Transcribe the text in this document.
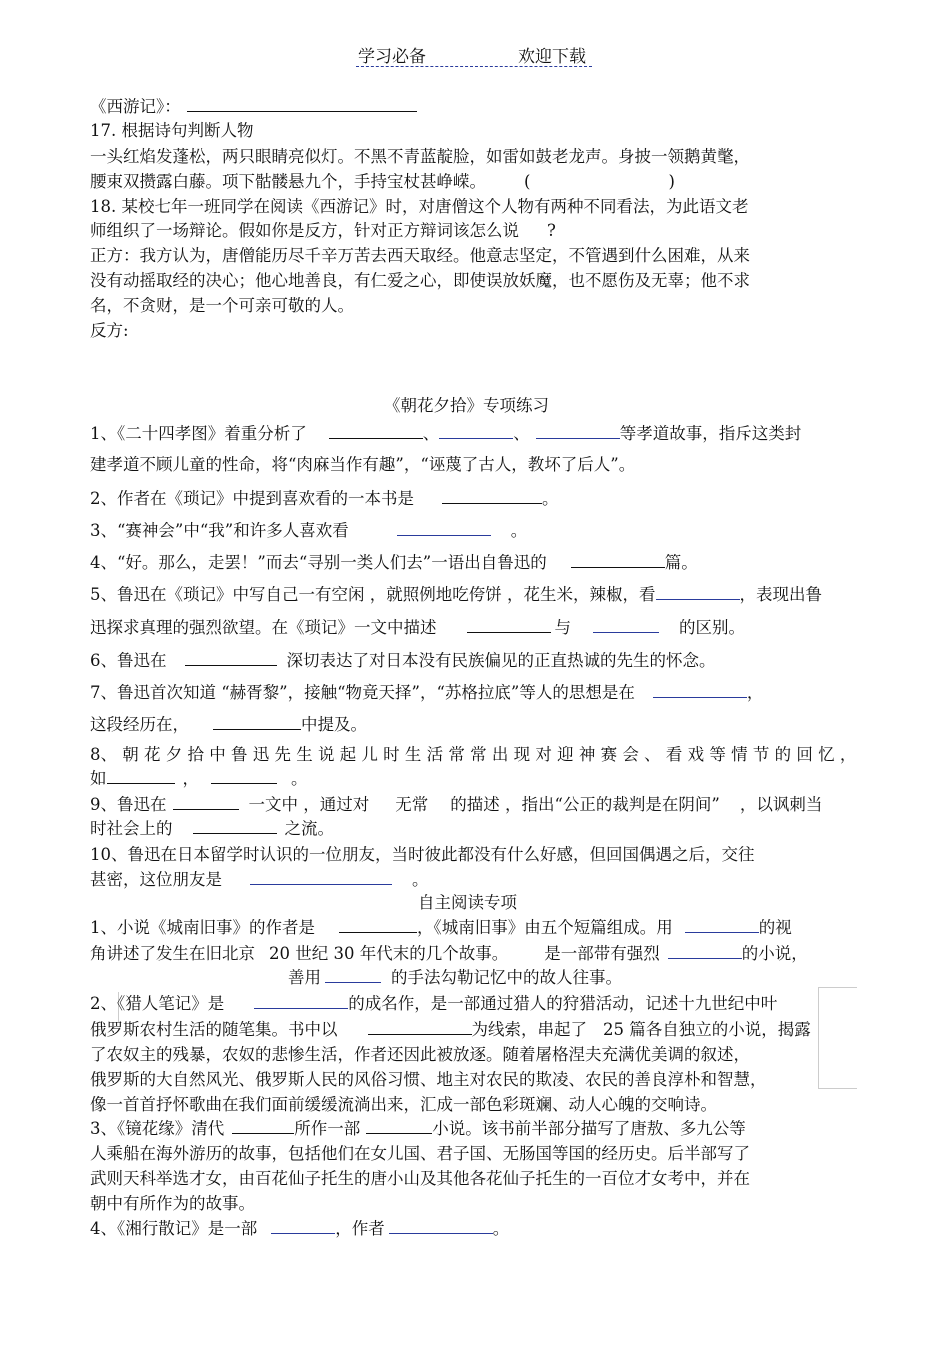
学习必备	欢迎下载
《西游记》：
17. 根据诗句判断人物
一头红焰发蓬松，两只眼睛亮似灯。不黑不青蓝靛脸，如雷如鼓老龙声。身披一领鹅黄氅，
腰束双攒露白藤。项下骷髅悬九个，手持宝杖甚峥嵘。 (	)
18. 某校七年一班同学在阅读《西游记》时，对唐僧这个人物有两种不同看法，为此语文老
师组织了一场辩论。假如你是反方，针对正方辩词该怎么说 ?
正方：我方认为，唐僧能历尽千辛万苦去西天取经。他意志坚定，不管遇到什么困难，从来
没有动摇取经的决心；他心地善良，有仁爱之心，即使误放妖魔，也不愿伤及无辜；他不求
名，不贪财，是一个可亲可敬的人。
反方:
《朝花夕拾》专项练习
1、《二十四孝图》着重分析了	、	、	等孝道故事，指斥这类封
建孝道不顾儿童的性命，将“肉麻当作有趣”，“诬蔑了古人，教坏了后人”。
2、作者在《琐记》中提到喜欢看的一本书是	。
3、“赛神会”中“我”和许多人喜欢看	。
4、“好。那么，走罢！”而去“寻别一类人们去”一语出自鲁迅的	篇。
5、鲁迅在《琐记》中写自己一有空闲 ，就照例地吃侉饼 ，花生米，辣椒，看	，表现出鲁
迅探求真理的强烈欲望。在《琐记》一文中描述	与	的区别。
6、鲁迅在	深切表达了对日本没有民族偏见的正直热诚的先生的怀念。
7、鲁迅首次知道 “赫胥黎”，接触“物竟天择”，“苏格拉底”等人的思想是在	，
这段经历在，	中提及。
8、 朝 花 夕 拾 中 鲁 迅 先 生 说 起 儿 时 生 活 常 常 出 现 对 迎 神 赛 会 、 看 戏 等 情 节 的 回 忆 ，
如	，	。
9、鲁迅在	一文中 ，通过对 无常 的描述 ，指出“公正的裁判是在阴间” ，以讽刺当
时社会上的	之流。
10、鲁迅在日本留学时认识的一位朋友，当时彼此都没有什么好感，但回国偶遇之后，交往
甚密，这位朋友是	。
自主阅读专项
1、小说《城南旧事》的作者是	，《城南旧事》由五个短篇组成。用	的视
角讲述了发生在旧北京 20 世纪 30 年代末的几个故事。 是一部带有强烈	的小说，
善用	的手法勾勒记忆中的故人往事。
2、《猎人笔记》是	的成名作，是一部通过猎人的狩猎活动，记述十九世纪中叶
俄罗斯农村生活的随笔集。书中以	为线索，串起了 25 篇各自独立的小说，揭露
了农奴主的残暴，农奴的悲惨生活，作者还因此被放逐。随着屠格涅夫充满优美调的叙述，
俄罗斯的大自然风光、俄罗斯人民的风俗习惯、地主对农民的欺凌、农民的善良淳朴和智慧，
像一首首抒怀歌曲在我们面前缓缓流淌出来，汇成一部色彩斑斓、动人心魄的交响诗。
3、《镜花缘》清代	所作一部	小说。该书前半部分描写了唐敖、多九公等
人乘船在海外游历的故事，包括他们在女儿国、君子国、无肠国等国的经历史。后半部写了
武则天科举选才女，由百花仙子托生的唐小山及其他各花仙子托生的一百位才女考中，并在
朝中有所作为的故事。
4、《湘行散记》是一部	，作者	。
